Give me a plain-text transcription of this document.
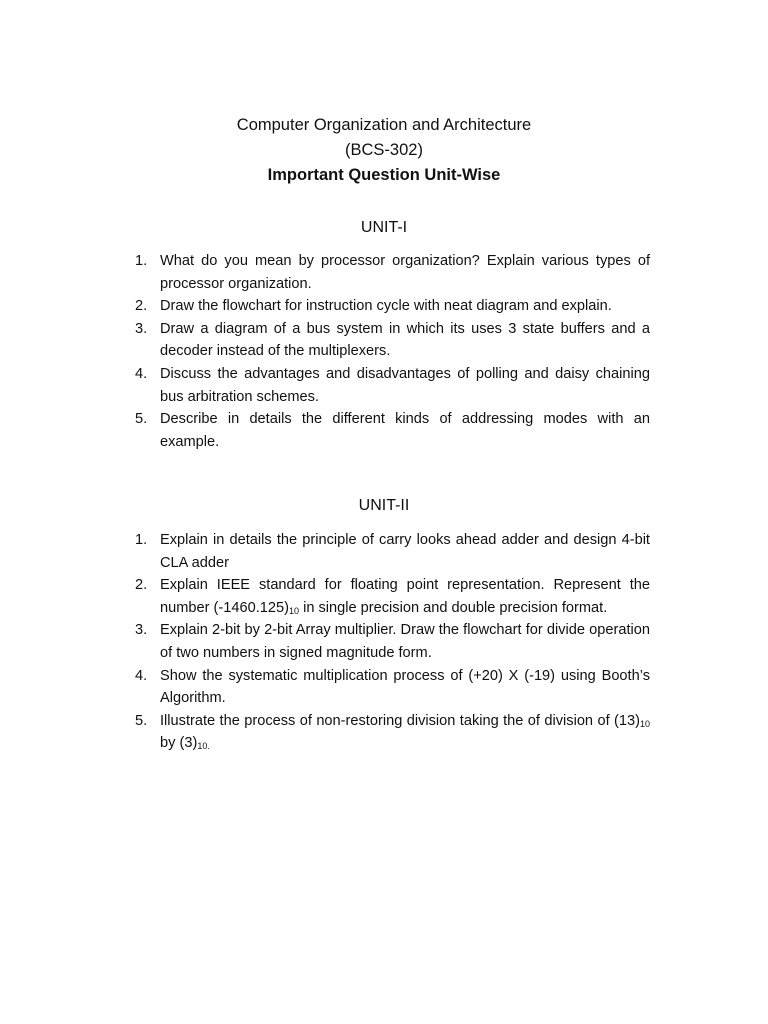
Computer Organization and Architecture

(BCS-302)

Important Question Unit-Wise

UNIT-I
1. What do you mean by processor organization? Explain various types of processor organization.
2. Draw the flowchart for instruction cycle with neat diagram and explain.
3. Draw a diagram of a bus system in which its uses 3 state buffers and a decoder instead of the multiplexers.
4. Discuss the advantages and disadvantages of polling and daisy chaining bus arbitration schemes.
5. Describe in details the different kinds of addressing modes with an example.
UNIT-II
1. Explain in details the principle of carry looks ahead adder and design 4-bit CLA adder
2. Explain IEEE standard for floating point representation. Represent the number $(-1460.125)_{10}$ in single precision and double precision format.
3. Explain 2-bit by 2-bit Array multiplier. Draw the flowchart for divide operation of two numbers in signed magnitude form.
4. Show the systematic multiplication process of (+20) X (-19) using Booth’s Algorithm.
5. Illustrate the process of non-restoring division taking the of division of $(13)_{10}$ by $(3)_{10.}$
